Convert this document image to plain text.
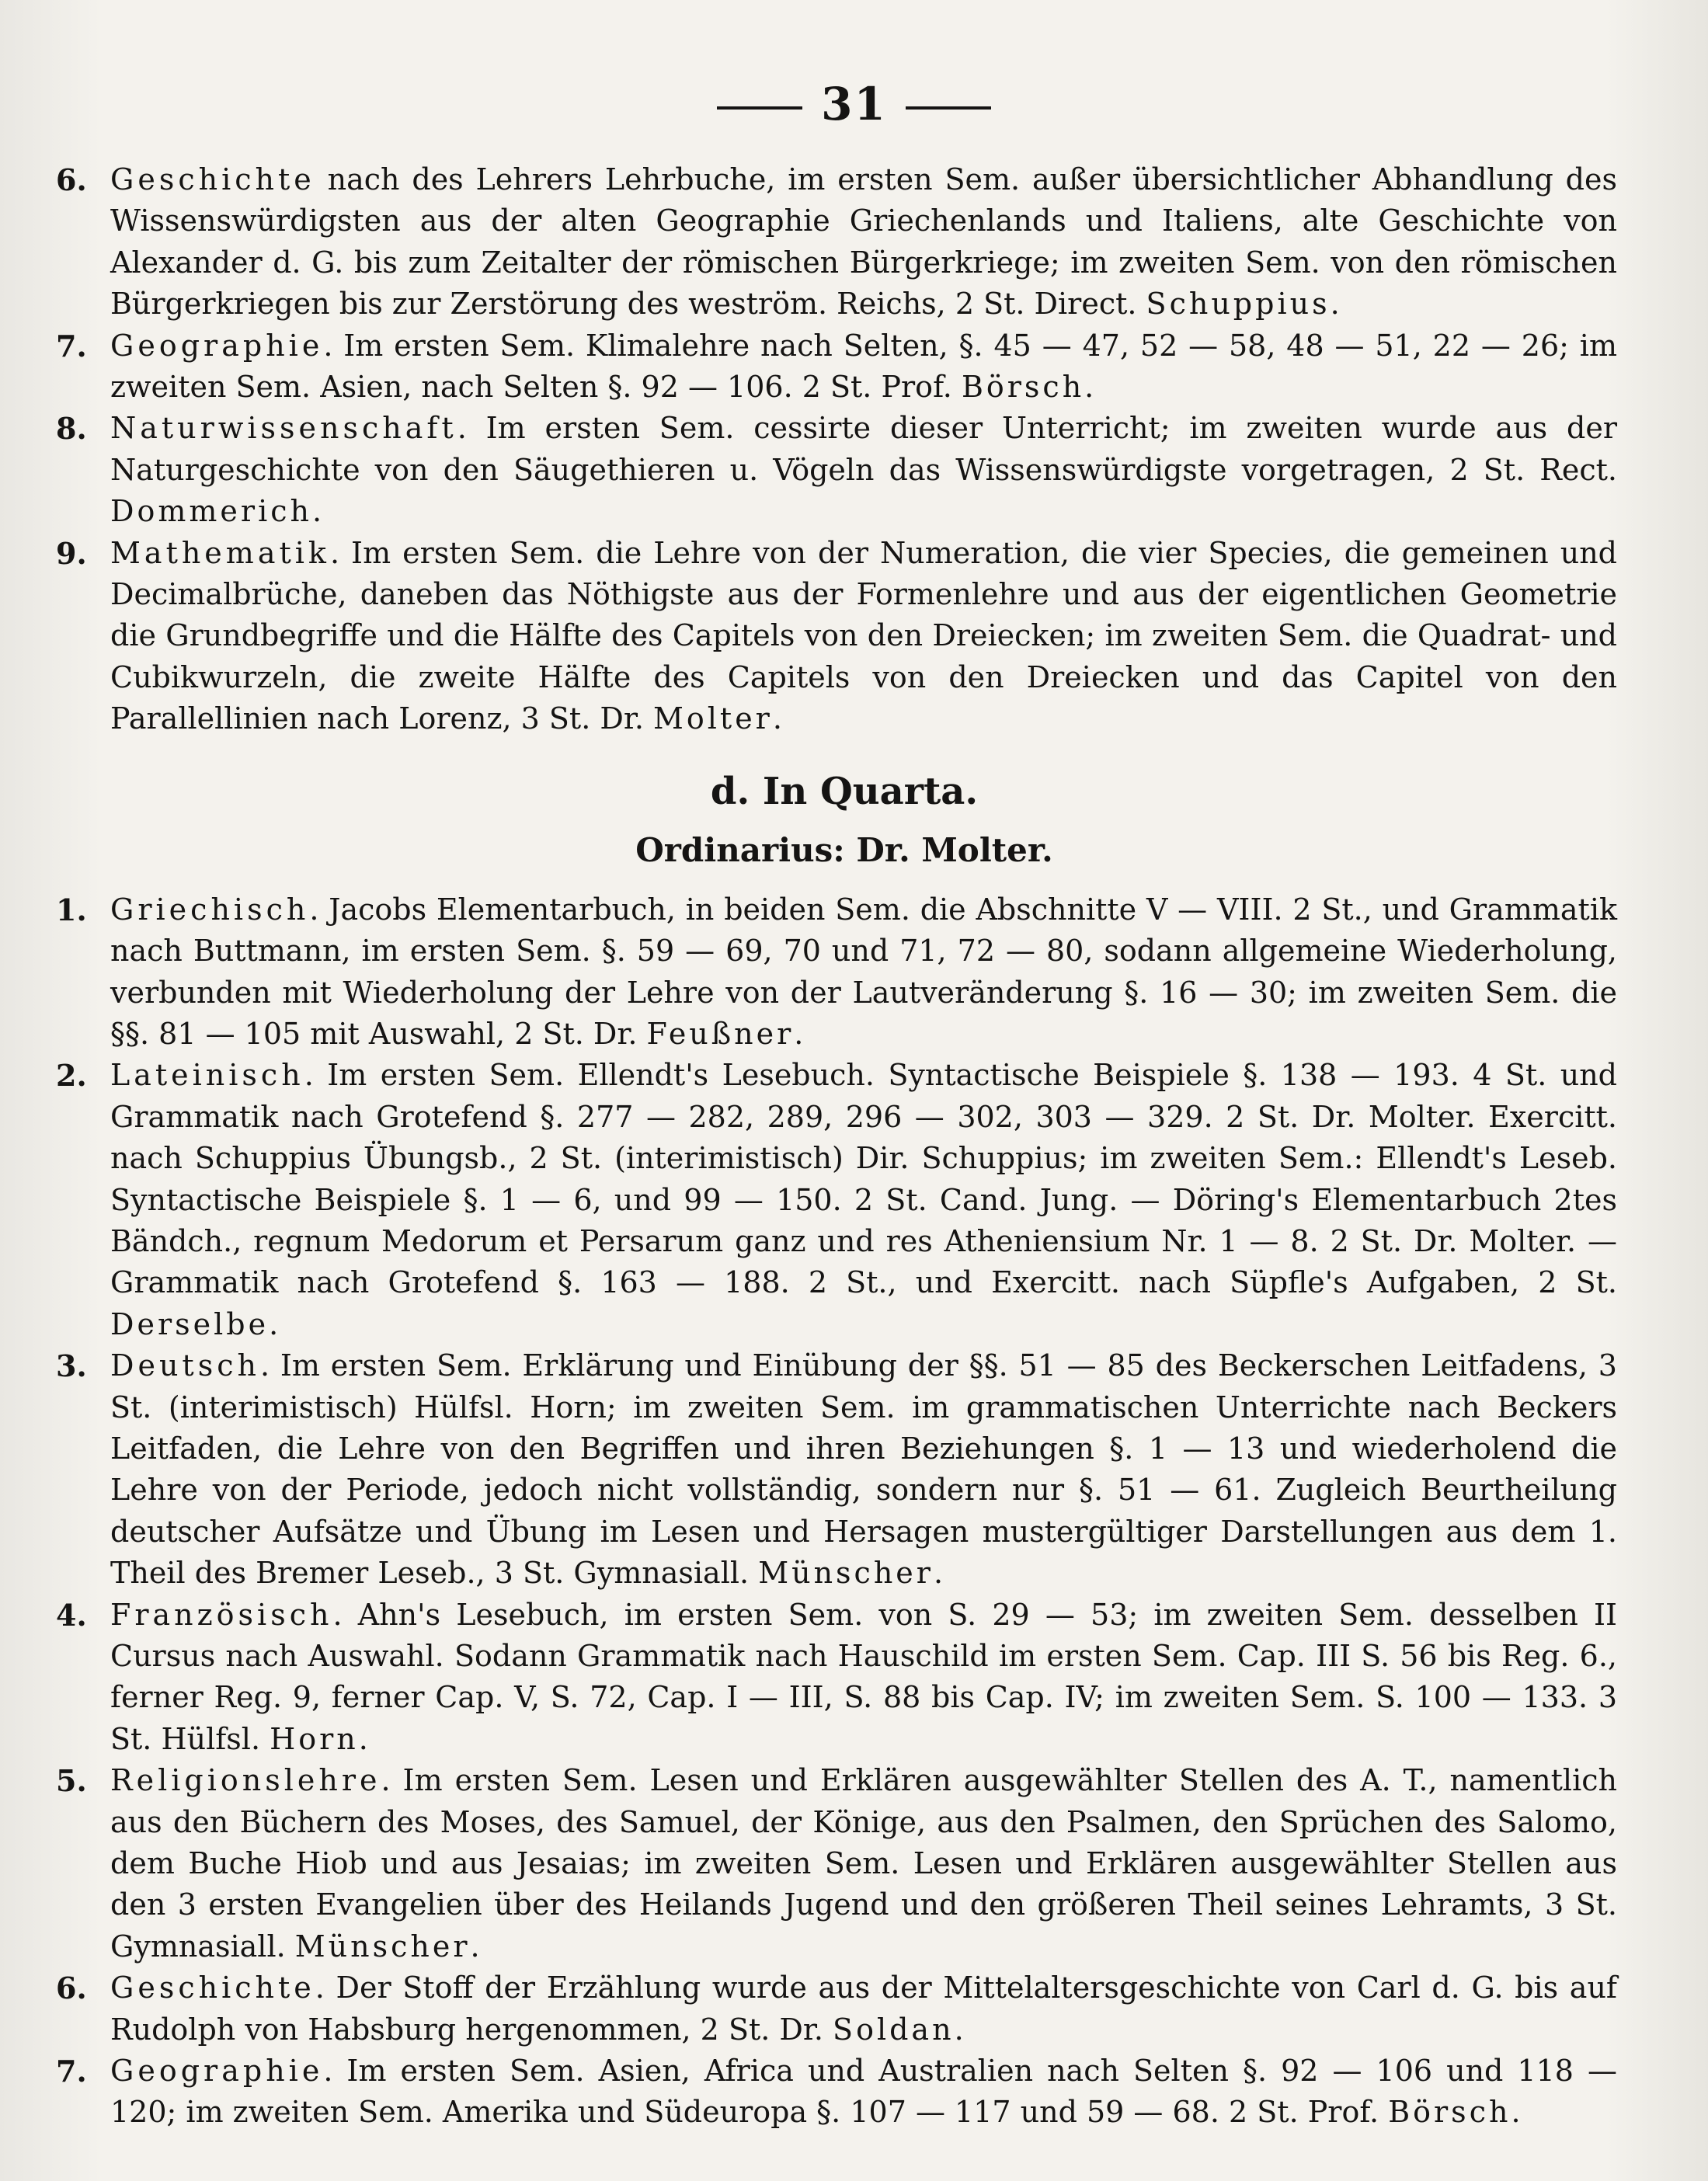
31

6. Geschichte nach des Lehrers Lehrbuche, im ersten Sem. außer übersichtlicher Abhandlung des Wissenswürdigsten aus der alten Geographie Griechenlands und Italiens, alte Geschichte von Alexander d. G. bis zum Zeitalter der römischen Bürgerkriege; im zweiten Sem. von den römischen Bürgerkriegen bis zur Zerstörung des weström. Reichs, 2 St. Direct. Schuppius.

7. Geographie. Im ersten Sem. Klimalehre nach Selten, §. 45 — 47, 52 — 58, 48 — 51, 22 — 26; im zweiten Sem. Asien, nach Selten §. 92 — 106. 2 St. Prof. Börsch.

8. Naturwissenschaft. Im ersten Sem. cessirte dieser Unterricht; im zweiten wurde aus der Naturgeschichte von den Säugethieren u. Vögeln das Wissenswürdigste vorgetragen, 2 St. Rect. Dommerich.

9. Mathematik. Im ersten Sem. die Lehre von der Numeration, die vier Species, die gemeinen und Decimalbrüche, daneben das Nöthigste aus der Formenlehre und aus der eigentlichen Geometrie die Grundbegriffe und die Hälfte des Capitels von den Dreiecken; im zweiten Sem. die Quadrat- und Cubikwurzeln, die zweite Hälfte des Capitels von den Dreiecken und das Capitel von den Parallellinien nach Lorenz, 3 St. Dr. Molter.

d. In Quarta.
Ordinarius: Dr. Molter.

1. Griechisch. Jacobs Elementarbuch, in beiden Sem. die Abschnitte V — VIII. 2 St., und Grammatik nach Buttmann, im ersten Sem. §. 59 — 69, 70 und 71, 72 — 80, sodann allgemeine Wiederholung, verbunden mit Wiederholung der Lehre von der Lautveränderung §. 16 — 30; im zweiten Sem. die §§. 81 — 105 mit Auswahl, 2 St. Dr. Feußner.

2. Lateinisch. Im ersten Sem. Ellendt's Lesebuch. Syntactische Beispiele §. 138 — 193. 4 St. und Grammatik nach Grotefend §. 277 — 282, 289, 296 — 302, 303 — 329. 2 St. Dr. Molter. Exercitt. nach Schuppius Übungsb., 2 St. (interimistisch) Dir. Schuppius; im zweiten Sem.: Ellendt's Leseb. Syntactische Beispiele §. 1 — 6, und 99 — 150. 2 St. Cand. Jung. — Döring's Elementarbuch 2tes Bändch., regnum Medorum et Persarum ganz und res Atheniensium Nr. 1 — 8. 2 St. Dr. Molter. — Grammatik nach Grotefend §. 163 — 188. 2 St., und Exercitt. nach Süpfle's Aufgaben, 2 St. Derselbe.

3. Deutsch. Im ersten Sem. Erklärung und Einübung der §§. 51 — 85 des Beckerschen Leitfadens, 3 St. (interimistisch) Hülfsl. Horn; im zweiten Sem. im grammatischen Unterrichte nach Beckers Leitfaden, die Lehre von den Begriffen und ihren Beziehungen §. 1 — 13 und wiederholend die Lehre von der Periode, jedoch nicht vollständig, sondern nur §. 51 — 61. Zugleich Beurtheilung deutscher Aufsätze und Übung im Lesen und Hersagen mustergültiger Darstellungen aus dem 1. Theil des Bremer Leseb., 3 St. Gymnasiall. Münscher.

4. Französisch. Ahn's Lesebuch, im ersten Sem. von S. 29 — 53; im zweiten Sem. desselben II Cursus nach Auswahl. Sodann Grammatik nach Hauschild im ersten Sem. Cap. III S. 56 bis Reg. 6., ferner Reg. 9, ferner Cap. V, S. 72, Cap. I — III, S. 88 bis Cap. IV; im zweiten Sem. S. 100 — 133. 3 St. Hülfsl. Horn.

5. Religionslehre. Im ersten Sem. Lesen und Erklären ausgewählter Stellen des A. T., namentlich aus den Büchern des Moses, des Samuel, der Könige, aus den Psalmen, den Sprüchen des Salomo, dem Buche Hiob und aus Jesaias; im zweiten Sem. Lesen und Erklären ausgewählter Stellen aus den 3 ersten Evangelien über des Heilands Jugend und den größeren Theil seines Lehramts, 3 St. Gymnasiall. Münscher.

6. Geschichte. Der Stoff der Erzählung wurde aus der Mittelaltersgeschichte von Carl d. G. bis auf Rudolph von Habsburg hergenommen, 2 St. Dr. Soldan.

7. Geographie. Im ersten Sem. Asien, Africa und Australien nach Selten §. 92 — 106 und 118 — 120; im zweiten Sem. Amerika und Südeuropa §. 107 — 117 und 59 — 68. 2 St. Prof. Börsch.
